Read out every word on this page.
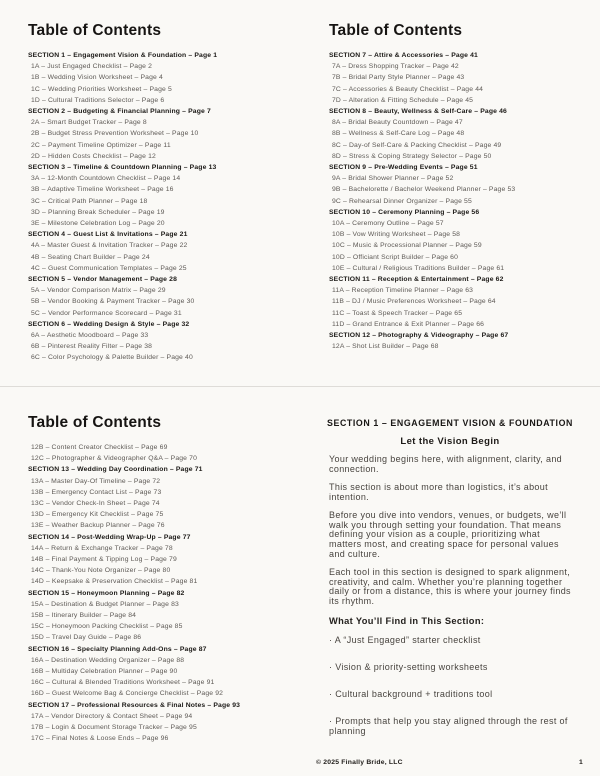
Table of Contents
SECTION 1 – Engagement Vision & Foundation – Page 1
1A – Just Engaged Checklist – Page 2
1B – Wedding Vision Worksheet – Page 4
1C – Wedding Priorities Worksheet – Page 5
1D – Cultural Traditions Selector – Page 6
SECTION 2 – Budgeting & Financial Planning – Page 7
2A – Smart Budget Tracker – Page 8
2B – Budget Stress Prevention Worksheet – Page 10
2C – Payment Timeline Optimizer – Page 11
2D – Hidden Costs Checklist – Page 12
SECTION 3 – Timeline & Countdown Planning – Page 13
3A – 12-Month Countdown Checklist – Page 14
3B – Adaptive Timeline Worksheet – Page 16
3C – Critical Path Planner – Page 18
3D – Planning Break Scheduler – Page 19
3E – Milestone Celebration Log – Page 20
SECTION 4 – Guest List & Invitations – Page 21
4A – Master Guest & Invitation Tracker – Page 22
4B – Seating Chart Builder – Page 24
4C – Guest Communication Templates – Page 25
SECTION 5 – Vendor Management – Page 28
5A – Vendor Comparison Matrix – Page 29
5B – Vendor Booking & Payment Tracker – Page 30
5C – Vendor Performance Scorecard – Page 31
SECTION 6 – Wedding Design & Style – Page 32
6A – Aesthetic Moodboard – Page 33
6B – Pinterest Reality Filter – Page 38
6C – Color Psychology & Palette Builder – Page 40
Table of Contents
SECTION 7 – Attire & Accessories – Page 41
7A – Dress Shopping Tracker – Page 42
7B – Bridal Party Style Planner – Page 43
7C – Accessories & Beauty Checklist – Page 44
7D – Alteration & Fitting Schedule – Page 45
SECTION 8 – Beauty, Wellness & Self-Care – Page 46
8A – Bridal Beauty Countdown – Page 47
8B – Wellness & Self-Care Log – Page 48
8C – Day-of Self-Care & Packing Checklist – Page 49
8D – Stress & Coping Strategy Selector – Page 50
SECTION 9 – Pre-Wedding Events – Page 51
9A – Bridal Shower Planner – Page 52
9B – Bachelorette / Bachelor Weekend Planner – Page 53
9C – Rehearsal Dinner Organizer – Page 55
SECTION 10 – Ceremony Planning – Page 56
10A – Ceremony Outline – Page 57
10B – Vow Writing Worksheet – Page 58
10C – Music & Processional Planner – Page 59
10D – Officiant Script Builder – Page 60
10E – Cultural / Religious Traditions Builder – Page 61
SECTION 11 – Reception & Entertainment – Page 62
11A – Reception Timeline Planner – Page 63
11B – DJ / Music Preferences Worksheet – Page 64
11C – Toast & Speech Tracker – Page 65
11D – Grand Entrance & Exit Planner – Page 66
SECTION 12 – Photography & Videography – Page 67
12A – Shot List Builder – Page 68
Table of Contents
12B – Content Creator Checklist – Page 69
12C – Photographer & Videographer Q&A – Page 70
SECTION 13 – Wedding Day Coordination – Page 71
13A – Master Day-Of Timeline – Page 72
13B – Emergency Contact List – Page 73
13C – Vendor Check-In Sheet – Page 74
13D – Emergency Kit Checklist – Page 75
13E – Weather Backup Planner – Page 76
SECTION 14 – Post-Wedding Wrap-Up – Page 77
14A – Return & Exchange Tracker – Page 78
14B – Final Payment & Tipping Log – Page 79
14C – Thank-You Note Organizer – Page 80
14D – Keepsake & Preservation Checklist – Page 81
SECTION 15 – Honeymoon Planning – Page 82
15A – Destination & Budget Planner – Page 83
15B – Itinerary Builder – Page 84
15C – Honeymoon Packing Checklist – Page 85
15D – Travel Day Guide – Page 86
SECTION 16 – Specialty Planning Add-Ons – Page 87
16A – Destination Wedding Organizer – Page 88
16B – Multiday Celebration Planner – Page 90
16C – Cultural & Blended Traditions Worksheet – Page 91
16D – Guest Welcome Bag & Concierge Checklist – Page 92
SECTION 17 – Professional Resources & Final Notes – Page 93
17A – Vendor Directory & Contact Sheet – Page 94
17B – Login & Document Storage Tracker – Page 95
17C – Final Notes & Loose Ends – Page 96
SECTION 1 – ENGAGEMENT VISION & FOUNDATION
Let the Vision Begin

Your wedding begins here, with alignment, clarity, and connection.

This section is about more than logistics, it’s about intention.

Before you dive into vendors, venues, or budgets, we’ll walk you through setting your foundation. That means defining your vision as a couple, prioritizing what matters most, and creating space for personal values and culture.

Each tool in this section is designed to spark alignment, creativity, and calm. Whether you’re planning together daily or from a distance, this is where your journey finds its rhythm.

What You’ll Find in This Section:
· A “Just Engaged” starter checklist
· Vision & priority-setting worksheets
· Cultural background + traditions tool
· Prompts that help you stay aligned through the rest of planning
© 2025 Finally Bride, LLC	1
